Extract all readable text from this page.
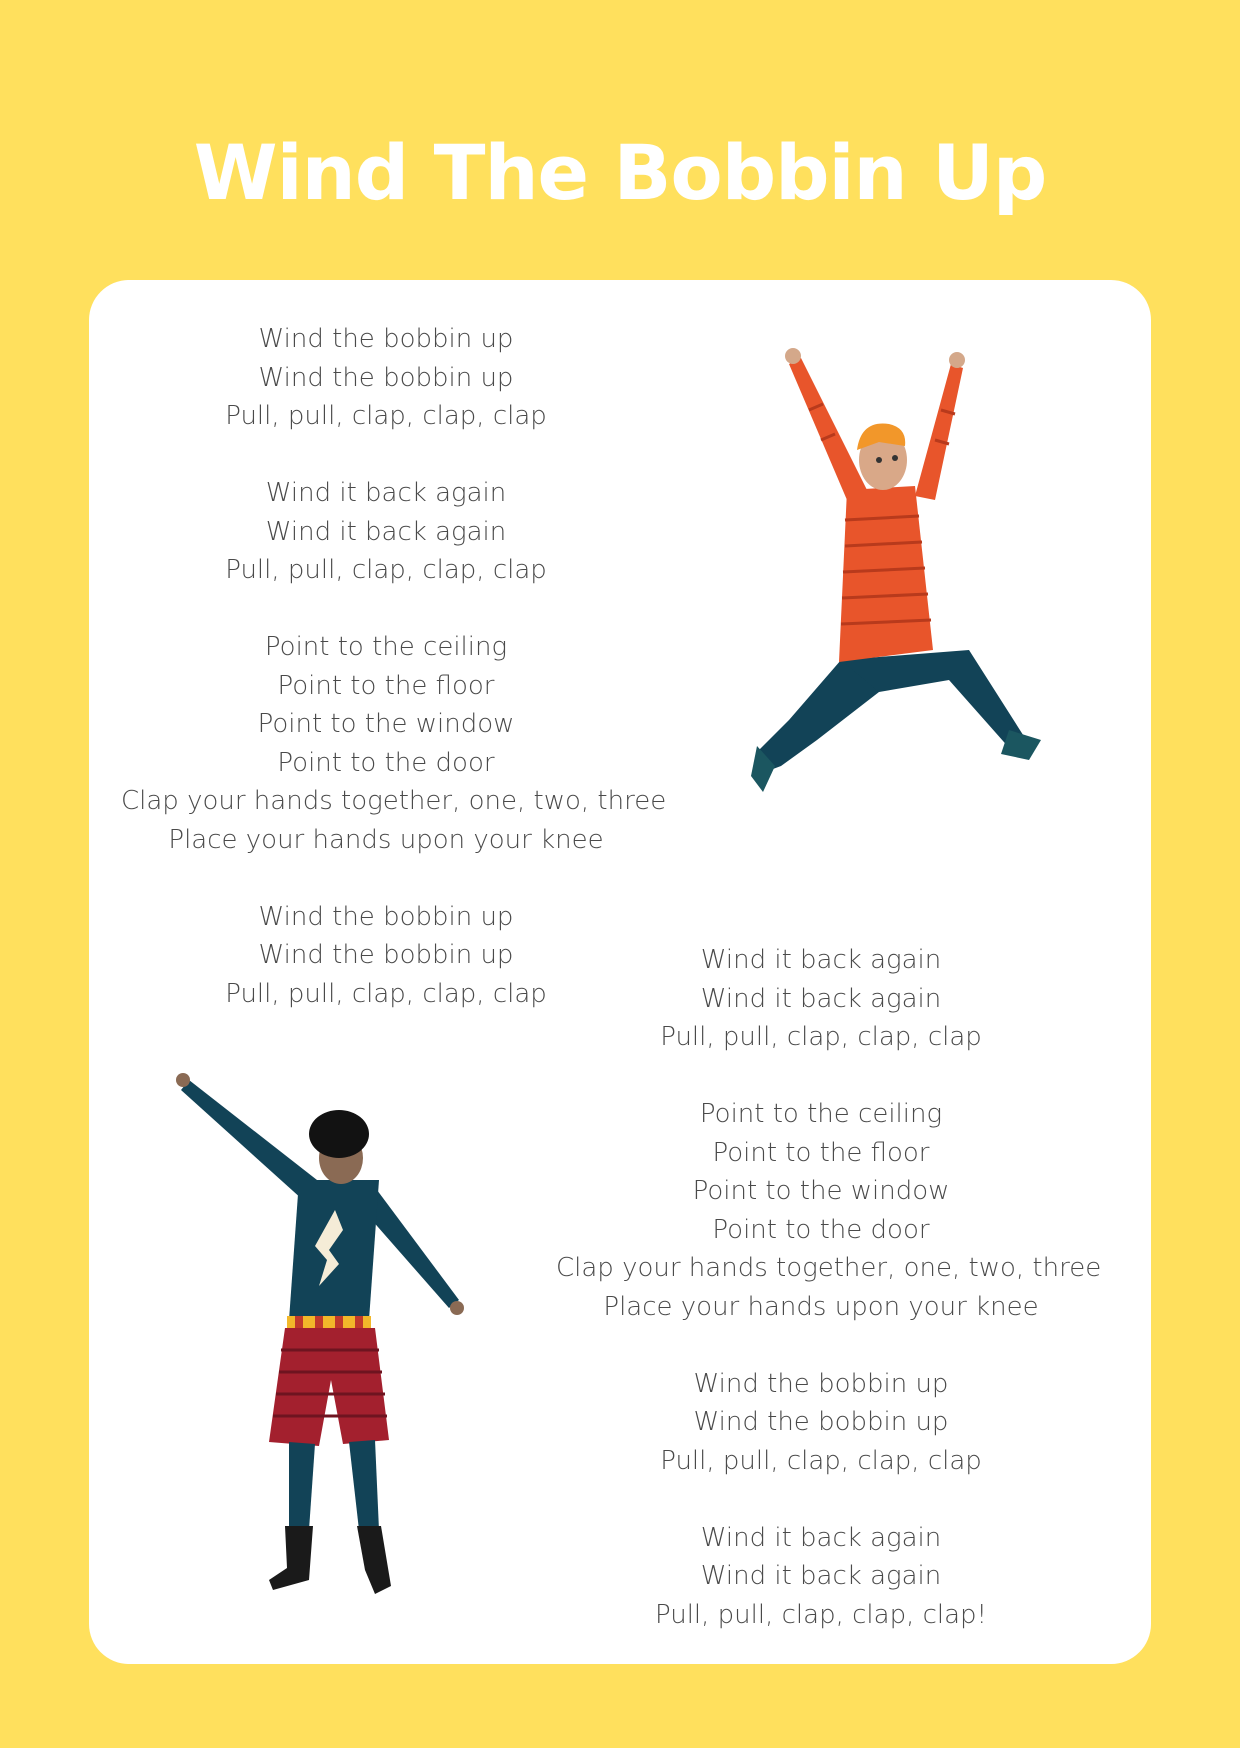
Wind The Bobbin Up
Wind the bobbin up
Wind the bobbin up
Pull, pull, clap, clap, clap
Wind it back again
Wind it back again
Pull, pull, clap, clap, clap
Point to the ceiling
Point to the floor
Point to the window
Point to the door
Clap your hands together, one, two, three
Place your hands upon your knee
Wind the bobbin up
Wind the bobbin up
Pull, pull, clap, clap, clap
Wind it back again
Wind it back again
Pull, pull, clap, clap, clap
Point to the ceiling
Point to the floor
Point to the window
Point to the door
Clap your hands together, one, two, three
Place your hands upon your knee
Wind the bobbin up
Wind the bobbin up
Pull, pull, clap, clap, clap
Wind it back again
Wind it back again
Pull, pull, clap, clap, clap!
